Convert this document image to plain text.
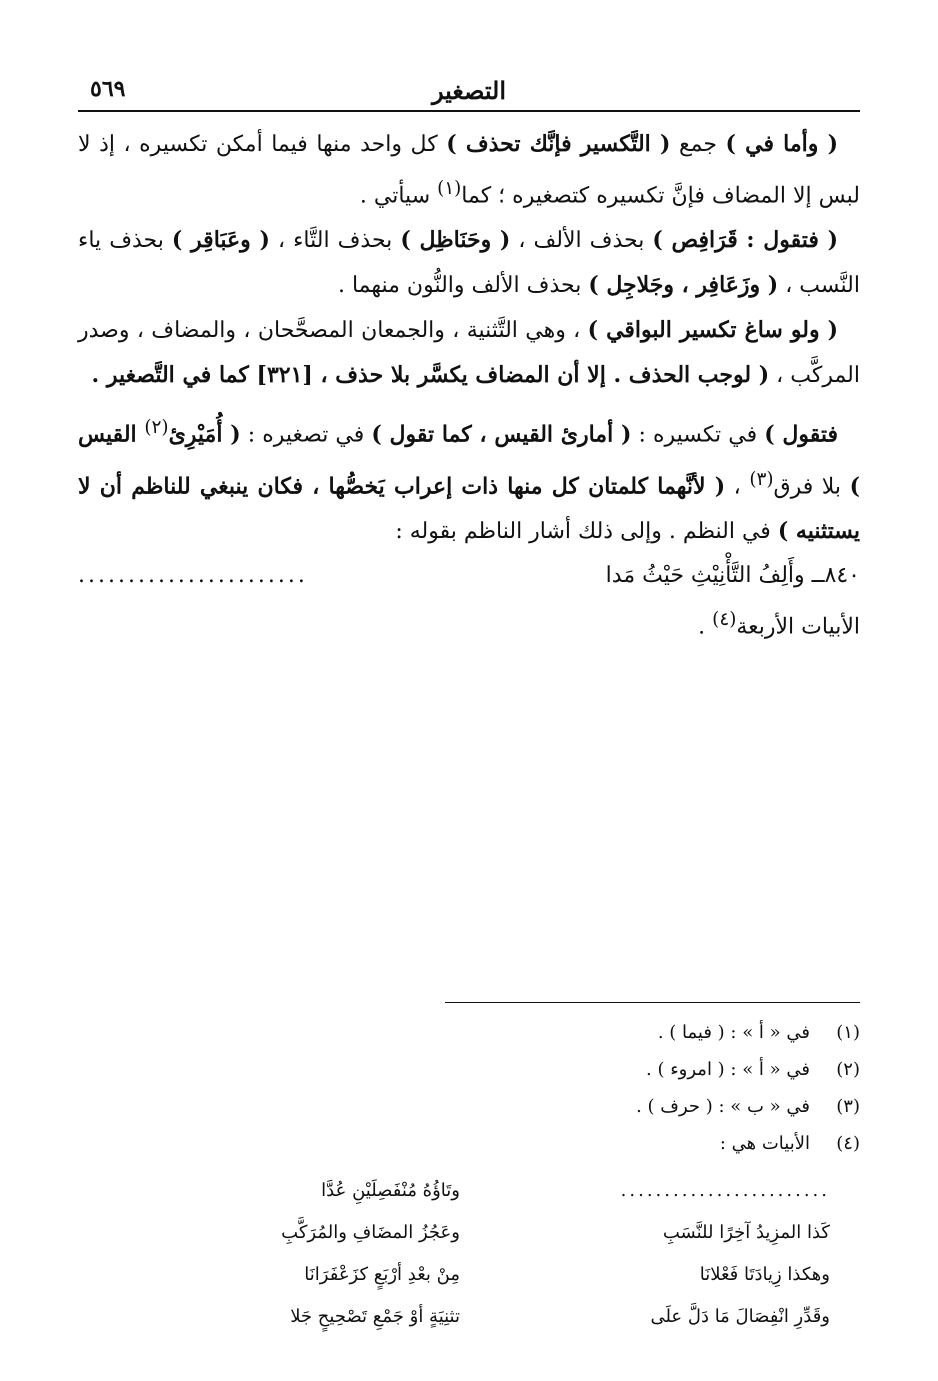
التصغير
٥٦٩

( وأما في ) جمع ( التَّكسير فإنَّك تحذف ) كل واحد منها فيما أمكن تكسيره ، إذ لا لبس إلا المضاف فإنَّ تكسيره كتصغيره ؛ كما$^{(١)}$ سيأتي .

( فتقول : قَرَافِص ) بحذف الألف ، ( وحَنَاظِل ) بحذف التَّاء ، ( وعَبَاقِر ) بحذف ياء النَّسب ، ( وزَعَافِر ، وجَلاجِل ) بحذف الألف والنُّون منهما .

( ولو ساغ تكسير البواقي ) ، وهي التَّثنية ، والجمعان المصحَّحان ، والمضاف ، وصدر المركَّب ، ( لوجب الحذف . إلا أن المضاف يكسَّر بلا حذف ، [٣٢١] كما في التَّصغير .

فتقول ) في تكسيره : ( أمارئ القيس ، كما تقول ) في تصغيره : ( أُمَيْرِئ$^{(٢)}$ القيس ) بلا فرق$^{(٣)}$ ، ( لأنَّهما كلمتان كل منها ذات إعراب يَخصُّها ، فكان ينبغي للناظم أن لا يستثنيه ) في النظم . وإلى ذلك أشار الناظم بقوله :

٨٤٠ــ وأَلِفُ التَّأْنِيْثِ حَيْثُ مَدا
.......................

الأبيات الأربعة$^{(٤)}$ .

(١)
في « أ » : ( فيما ) .
(٢)
في « أ » : ( امروء ) .
(٣)
في « ب » : ( حرف ) .
(٤)
الأبيات هي :
........................
وتَاؤُهُ مُنْفَصِلَيْنِ عُدَّا
كَذا المزِيدُ آخِرًا للنَّسَبِ
وعَجُزُ المضَافِ والمُرَكَّبِ
وهكذا زِيادَتَا فَعْلانَا
مِنْ بعْدِ أرْبَعٍ كزَعْفَرَانَا
وقَدِّرِ انْفِصَالَ مَا دَلَّ علَى
تثنِيَةٍ أوْ جَمْعِ تَصْحِيحٍ جَلا
